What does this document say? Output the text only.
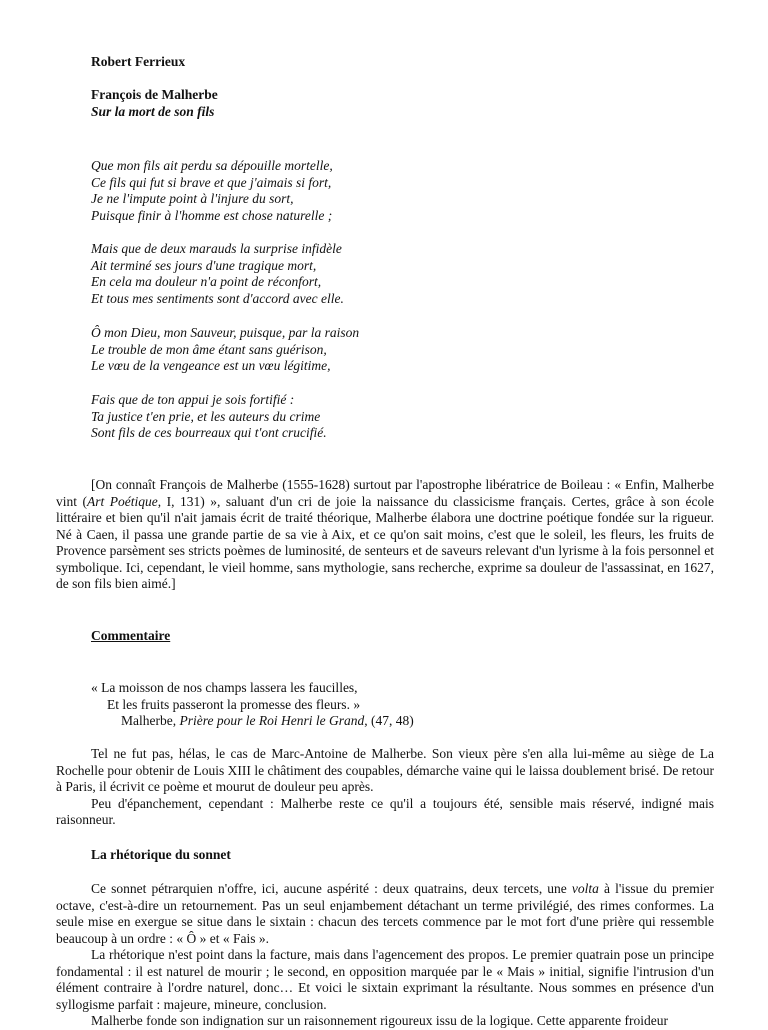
Robert Ferrieux
François de Malherbe
Sur la mort de son fils
Que mon fils ait perdu sa dépouille mortelle,
Ce fils qui fut si brave et que j'aimais si fort,
Je ne l'impute point à l'injure du sort,
Puisque finir à l'homme est chose naturelle ;
Mais que de deux marauds la surprise infidèle
Ait terminé ses jours d'une tragique mort,
En cela ma douleur n'a point de réconfort,
Et tous mes sentiments sont d'accord avec elle.
Ô mon Dieu, mon Sauveur, puisque, par la raison
Le trouble de mon âme étant sans guérison,
Le vœu de la vengeance est un vœu légitime,
Fais que de ton appui je sois fortifié :
Ta justice t'en prie, et les auteurs du crime
Sont fils de ces bourreaux qui t'ont crucifié.

[On connaît François de Malherbe (1555-1628) surtout par l'apostrophe libératrice de Boileau : « Enfin, Malherbe vint (Art Poétique, I, 131) », saluant d'un cri de joie la naissance du classicisme français. Certes, grâce à son école littéraire et bien qu'il n'ait jamais écrit de traité théorique, Malherbe élabora une doctrine poétique fondée sur la rigueur. Né à Caen, il passa une grande partie de sa vie à Aix, et ce qu'on sait moins, c'est que le soleil, les fleurs, les fruits de Provence parsèment ses stricts poèmes de luminosité, de senteurs et de saveurs relevant d'un lyrisme à la fois personnel et symbolique. Ici, cependant, le vieil homme, sans mythologie, sans recherche, exprime sa douleur de l'assassinat, en 1627, de son fils bien aimé.]

Commentaire
« La moisson de nos champs lassera les faucilles,
Et les fruits passeront la promesse des fleurs. »
Malherbe, Prière pour le Roi Henri le Grand, (47, 48)

Tel ne fut pas, hélas, le cas de Marc-Antoine de Malherbe. Son vieux père s'en alla lui-même au siège de La Rochelle pour obtenir de Louis XIII le châtiment des coupables, démarche vaine qui le laissa doublement brisé. De retour à Paris, il écrivit ce poème et mourut de douleur peu après.

Peu d'épanchement, cependant : Malherbe reste ce qu'il a toujours été, sensible mais réservé, indigné mais raisonneur.

La rhétorique du sonnet

Ce sonnet pétrarquien n'offre, ici, aucune aspérité : deux quatrains, deux tercets, une volta à l'issue du premier octave, c'est-à-dire un retournement. Pas un seul enjambement détachant un terme privilégié, des rimes conformes. La seule mise en exergue se situe dans le sixtain : chacun des tercets commence par le mot fort d'une prière qui ressemble beaucoup à un ordre : « Ô » et « Fais ».

La rhétorique n'est point dans la facture, mais dans l'agencement des propos. Le premier quatrain pose un principe fondamental : il est naturel de mourir ; le second, en opposition marquée par le « Mais » initial, signifie l'intrusion d'un élément contraire à l'ordre naturel, donc… Et voici le sixtain exprimant la résultante. Nous sommes en présence d'un syllogisme parfait : majeure, mineure, conclusion.

Malherbe fonde son indignation sur un raisonnement rigoureux issu de la logique. Cette apparente froideur
